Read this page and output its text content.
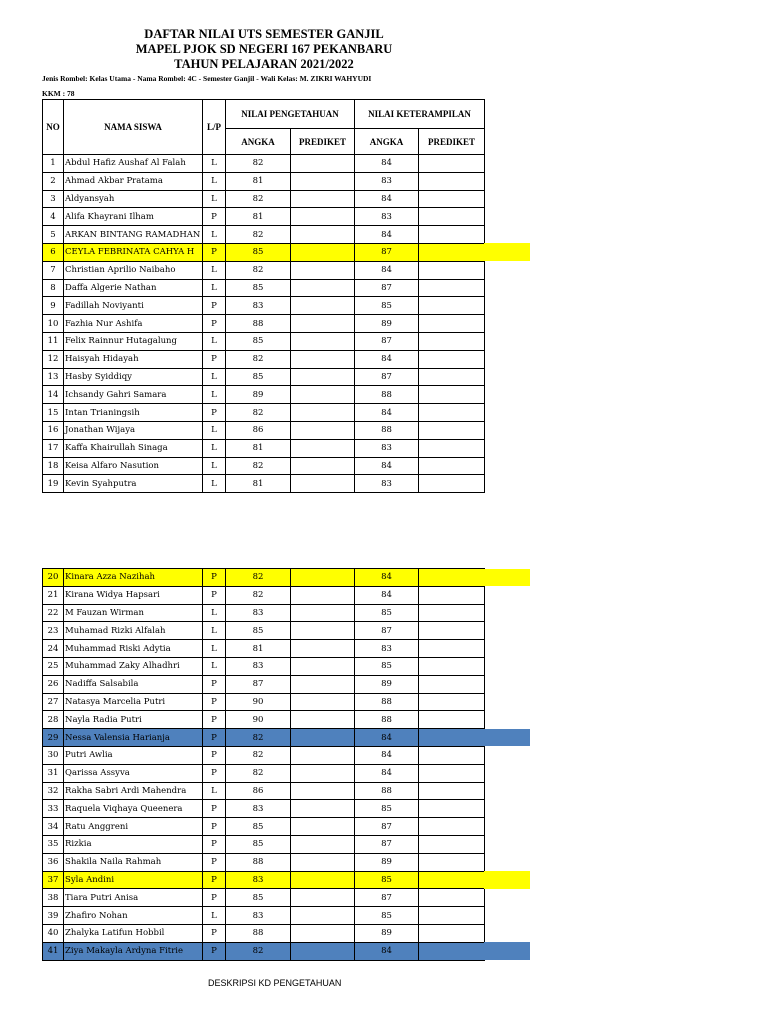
DAFTAR NILAI UTS SEMESTER GANJIL
MAPEL PJOK SD NEGERI 167 PEKANBARU
TAHUN PELAJARAN 2021/2022
Jenis Rombel: Kelas Utama - Nama Rombel: 4C - Semester Ganjil - Wali Kelas: M. ZIKRI WAHYUDI
KKM : 78
NO	NAMA SISWA	L/P	NILAI PENGETAHUAN		NILAI KETERAMPILAN	
			ANGKA	PREDIKET	ANGKA	PREDIKET
1	Abdul Hafiz Aushaf Al Falah	L	82		84	
2	Ahmad Akbar Pratama	L	81		83	
3	Aldyansyah	L	82		84	
4	Alifa Khayrani Ilham	P	81		83	
5	ARKAN BINTANG RAMADHAN	L	82		84	
6	CEYLA FEBRINATA CAHYA H	P	85		87	
7	Christian Aprilio Naibaho	L	82		84	
8	Daffa Algerie Nathan	L	85		87	
9	Fadillah Noviyanti	P	83		85	
10	Fazhia Nur Ashifa	P	88		89	
11	Felix Rainnur Hutagalung	L	85		87	
12	Haisyah Hidayah	P	82		84	
13	Hasby Syiddiqy	L	85		87	
14	Ichsandy Gahri Samara	L	89		88	
15	Intan Trianingsih	P	82		84	
16	Jonathan Wijaya	L	86		88	
17	Kaffa Khairullah Sinaga	L	81		83	
18	Keisa Alfaro Nasution	L	82		84	
19	Kevin Syahputra	L	81		83	
20	Kinara Azza Nazihah	P	82		84	
21	Kirana Widya Hapsari	P	82		84	
22	M Fauzan Wirman	L	83		85	
23	Muhamad Rizki Alfalah	L	85		87	
24	Muhammad Riski Adytia	L	81		83	
25	Muhammad Zaky Alhadhri	L	83		85	
26	Nadiffa Salsabila	P	87		89	
27	Natasya Marcelia Putri	P	90		88	
28	Nayla Radia Putri	P	90		88	
29	Nessa Valensia Harianja	P	82		84	
30	Putri Awlia	P	82		84	
31	Qarissa Assyva	P	82		84	
32	Rakha Sabri Ardi Mahendra	L	86		88	
33	Raquela Viqhaya Queenera	P	83		85	
34	Ratu Anggreni	P	85		87	
35	Rizkia	P	85		87	
36	Shakila Naila Rahmah	P	88		89	
37	Syla Andini	P	83		85	
38	Tiara Putri Anisa	P	85		87	
39	Zhafiro Nohan	L	83		85	
40	Zhalyka Latifun Hobbil	P	88		89	
41	Ziya Makayla Ardyna Fitrie	P	82		84	
DESKRIPSI KD PENGETAHUAN
